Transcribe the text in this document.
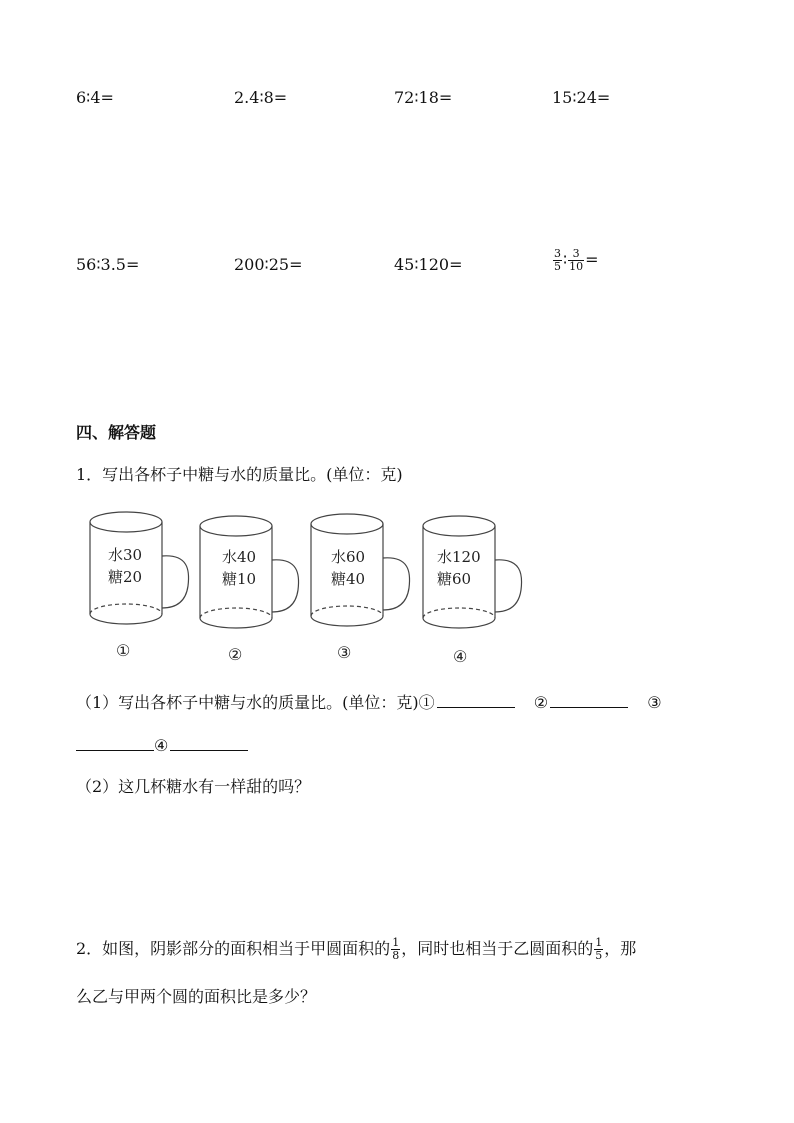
6∶4=	2.4∶8=	72∶18=	15∶24=
56∶3.5=	200∶25=	45∶120=	$\frac{3}{5}$ ∶ $\frac{3}{10}$ =
四、解答题
1．写出各杯子中糖与水的质量比。(单位：克)
水30
糖20
①
水40
糖10
②
水60
糖40
③
水120
糖60
④
（1）写出各杯子中糖与水的质量比。(单位：克)①	②	③
④
（2）这几杯糖水有一样甜的吗？
2．如图，阴影部分的面积相当于甲圆面积的 $\frac{1}{8}$ ，同时也相当于乙圆面积的 $\frac{1}{5}$ ，那
么乙与甲两个圆的面积比是多少？
